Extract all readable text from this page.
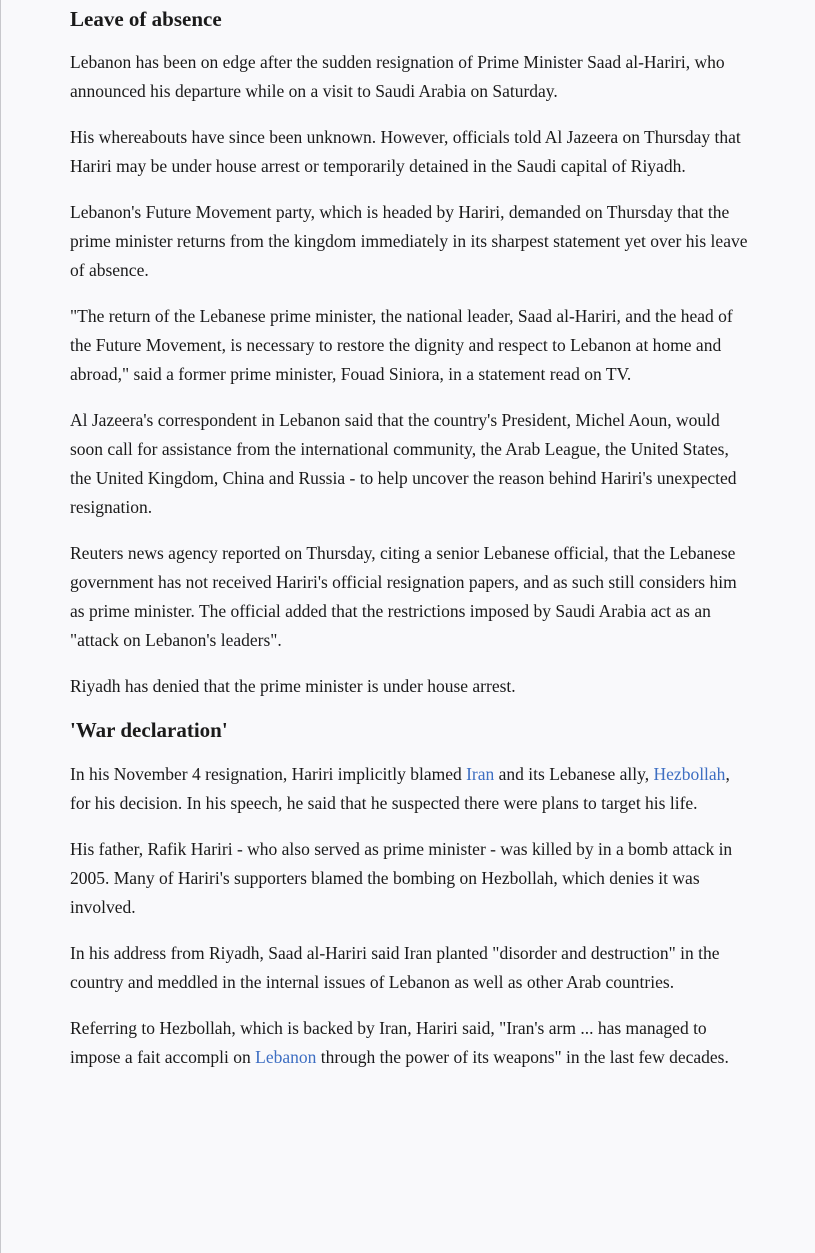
Leave of absence

Lebanon has been on edge after the sudden resignation of Prime Minister Saad al-Hariri, who announced his departure while on a visit to Saudi Arabia on Saturday.

His whereabouts have since been unknown. However, officials told Al Jazeera on Thursday that Hariri may be under house arrest or temporarily detained in the Saudi capital of Riyadh.

Lebanon's Future Movement party, which is headed by Hariri, demanded on Thursday that the prime minister returns from the kingdom immediately in its sharpest statement yet over his leave of absence.

"The return of the Lebanese prime minister, the national leader, Saad al-Hariri, and the head of the Future Movement, is necessary to restore the dignity and respect to Lebanon at home and abroad," said a former prime minister, Fouad Siniora, in a statement read on TV.

Al Jazeera's correspondent in Lebanon said that the country's President, Michel Aoun, would soon call for assistance from the international community, the Arab League, the United States, the United Kingdom, China and Russia - to help uncover the reason behind Hariri's unexpected resignation.

Reuters news agency reported on Thursday, citing a senior Lebanese official, that the Lebanese government has not received Hariri's official resignation papers, and as such still considers him as prime minister. The official added that the restrictions imposed by Saudi Arabia act as an "attack on Lebanon's leaders".

Riyadh has denied that the prime minister is under house arrest.

'War declaration'

In his November 4 resignation, Hariri implicitly blamed Iran and its Lebanese ally, Hezbollah, for his decision. In his speech, he said that he suspected there were plans to target his life.

His father, Rafik Hariri - who also served as prime minister - was killed by in a bomb attack in 2005. Many of Hariri's supporters blamed the bombing on Hezbollah, which denies it was involved.

In his address from Riyadh, Saad al-Hariri said Iran planted "disorder and destruction" in the country and meddled in the internal issues of Lebanon as well as other Arab countries.

Referring to Hezbollah, which is backed by Iran, Hariri said, "Iran's arm ... has managed to impose a fait accompli on Lebanon through the power of its weapons" in the last few decades.
